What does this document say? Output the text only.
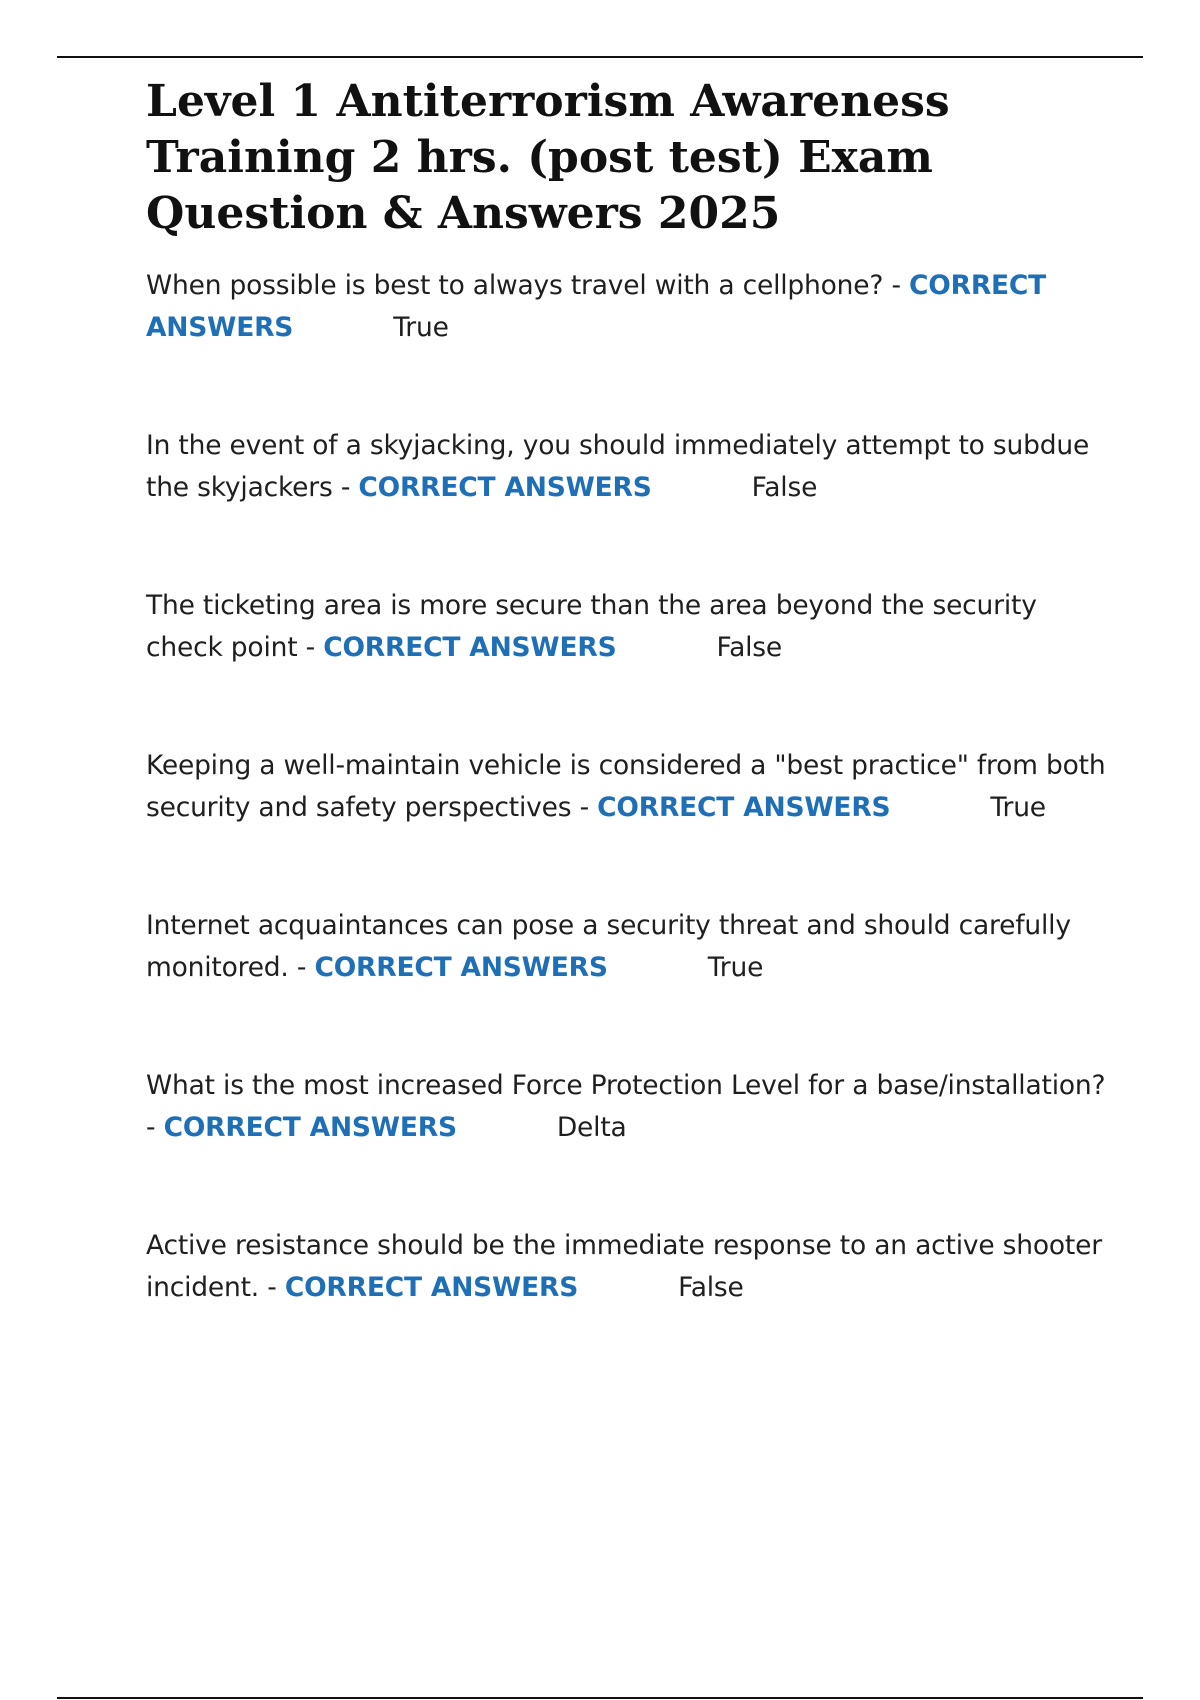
Level 1 Antiterrorism Awareness Training 2 hrs. (post test) Exam Question & Answers 2025
When possible is best to always travel with a cellphone? - CORRECT ANSWERS	True
In the event of a skyjacking, you should immediately attempt to subdue the skyjackers - CORRECT ANSWERS	False
The ticketing area is more secure than the area beyond the security check point - CORRECT ANSWERS	False
Keeping a well-maintain vehicle is considered a "best practice" from both security and safety perspectives - CORRECT ANSWERS	True
Internet acquaintances can pose a security threat and should carefully monitored. - CORRECT ANSWERS	True
What is the most increased Force Protection Level for a base/installation? - CORRECT ANSWERS	Delta
Active resistance should be the immediate response to an active shooter incident. - CORRECT ANSWERS	False
